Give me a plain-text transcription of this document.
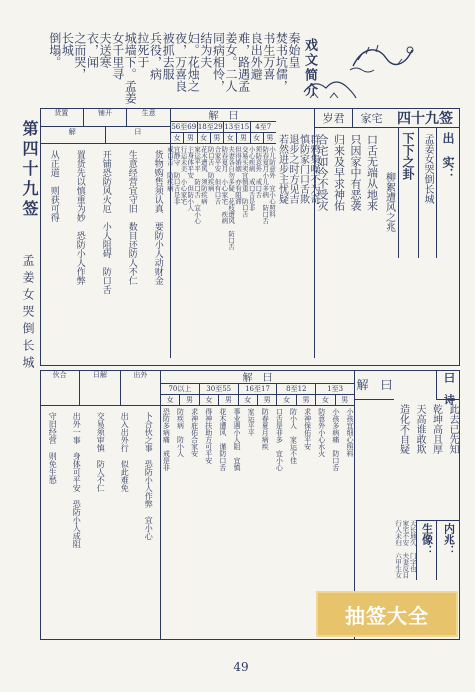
戏文简介
秦始皇
焚书坑儒，
书生万喜
良出外避
难，路遇孟
姜女。二人
同病相怜，
结为夫
妇。花烛之
夜，万喜良
被抓去服
兵役，病
拉死于
城墙下。孟姜
女千里寻
夫送寒
衣，闻
之而哭，
长城
倒塌。
第四十九签
孟姜女哭倒长城
四十九签
出　实：
孟姜女哭倒长城
下下之卦
柳絮遭风之兆
家宅
口舌无端从地来
只因家中有恶袭
归来及早求神佑
合宅如今不受灾
岁君
群鸦集噪不为奇
慎防家门口舌欺
退步之时方见吉
若然进步主忧疑
解　曰
4至7
13至15
18至29
56至69
男
女
男
女
男
女
男
女
小儿防意外　宜小心照料
防春夏月小儿多病　防口舌
须防意外　戒口舌
小心疾病　戒口舌是非
交易买卖宜慎重　防口舌
但得婚姻　亦有阻滞
夫妻各自勿多疑　花枝遭风　防口舌
防春夏月　小心家宅　疾病
合家平安　但有口舌
防口舌　防疾病
花木遭风　须防疾病
家运平平　防口舌　宜小心
主身体平安　但防小人
行运未美　小心家宅
宜静守　防口舌是非
戒口舌　防疾病
生意
铺开
货置
曰
解
货物购售须认真　要防小人动财金
生意经营宜守旧　数目还防人不仁
开铺恐防风火厄　小人阻碍　防口舌
置货先以慎重为妙　恐防小人作弊
从正道　则获可得
曰　诗
此去已先知
乾坤高且厚
天高谁敢欺
造化不自疑
内兆：
生像：
天长地久　门字也
家宅不安　夫妻反目
行人未归　六甲生女
解　曰
解　曰
1至3
8至12
16至17
30至55
70以上
男
女
男
女
男
女
男
女
男
女
小孩宜细心照料
小孩多病痛　防口舌
防意外小心水火
求神保佑平安
防小人　家运不佳
口舌是非多　宜小心
防春夏月病疾
家运平平
事业遇小人阻　宜慎
花木遭风　谨防口舌
得神扶助方可平安
求神庇佑合家安
防疾病　防小人
恐防多病痛　戒是非
出外
曰解
伙合
卜合伙之事　恐防小人作弊　宜小心
出入出外行　似此难免
交易须审慎　防人不仁
出外一事　身体可平安　恐防小人成阻
守旧经营　则免生愁
抽签大全
49
